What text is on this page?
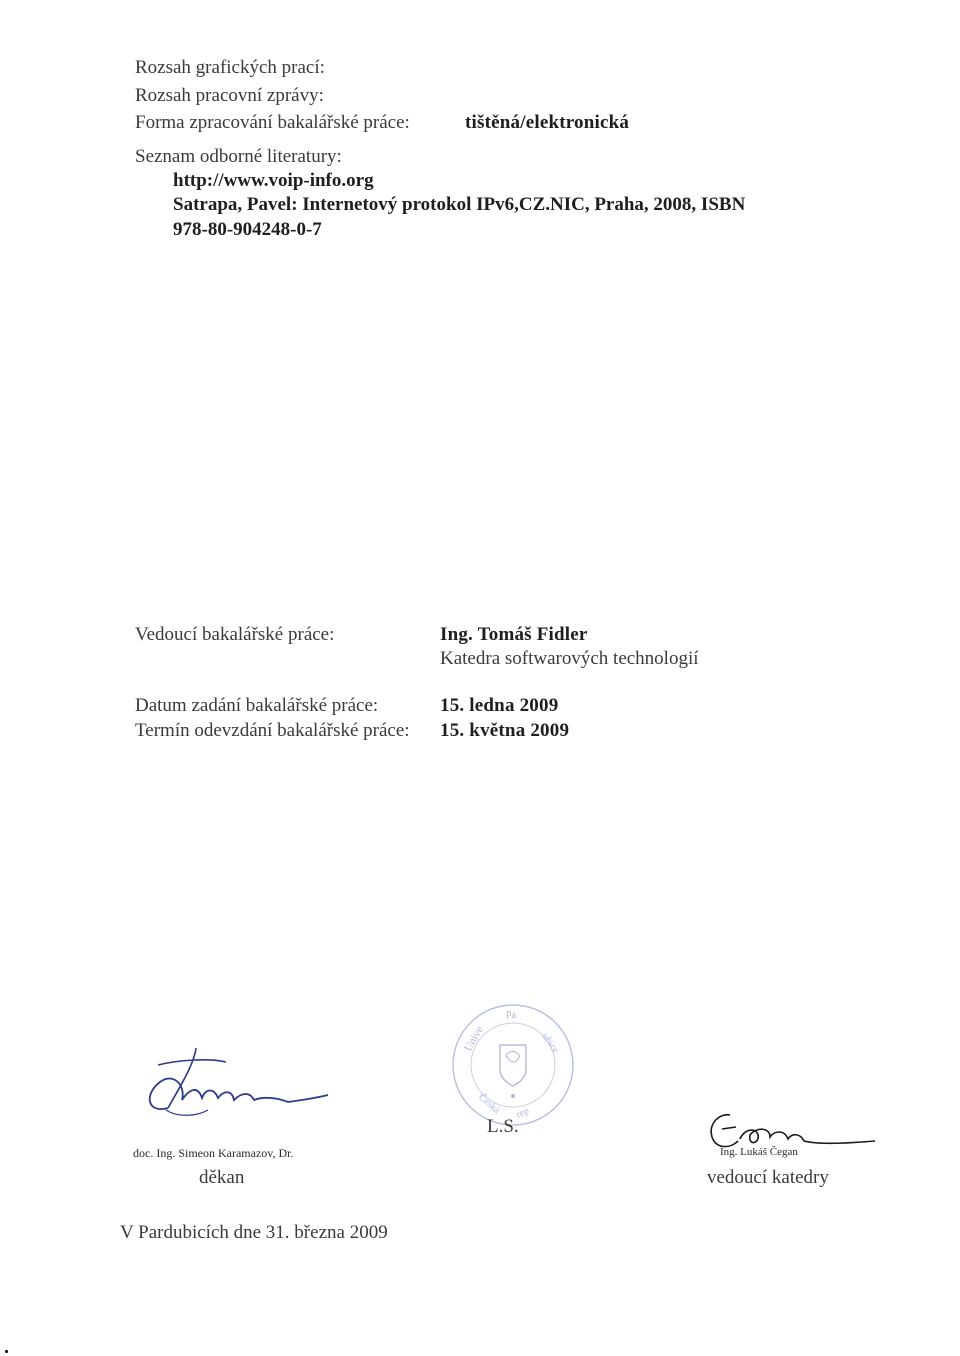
Rozsah grafických prací:
Rozsah pracovní zprávy:
Forma zpracování bakalářské práce:	tištěná/elektronická
Seznam odborné literatury:
http://www.voip-info.org
Satrapa, Pavel: Internetový protokol IPv6,CZ.NIC, Praha, 2008, ISBN
978-80-904248-0-7
Vedoucí bakalářské práce:	Ing. Tomáš Fidler
Katedra softwarových technologií
Datum zadání bakalářské práce:	15. ledna 2009
Termín odevzdání bakalářské práce: 15. května 2009
doc. Ing. Simeon Karamazov, Dr.
děkan
Unive
Pa
ubice
Česká rep
L.S.
Ing. Lukáš Čegan
vedoucí katedry
V Pardubicích dne 31. března 2009
